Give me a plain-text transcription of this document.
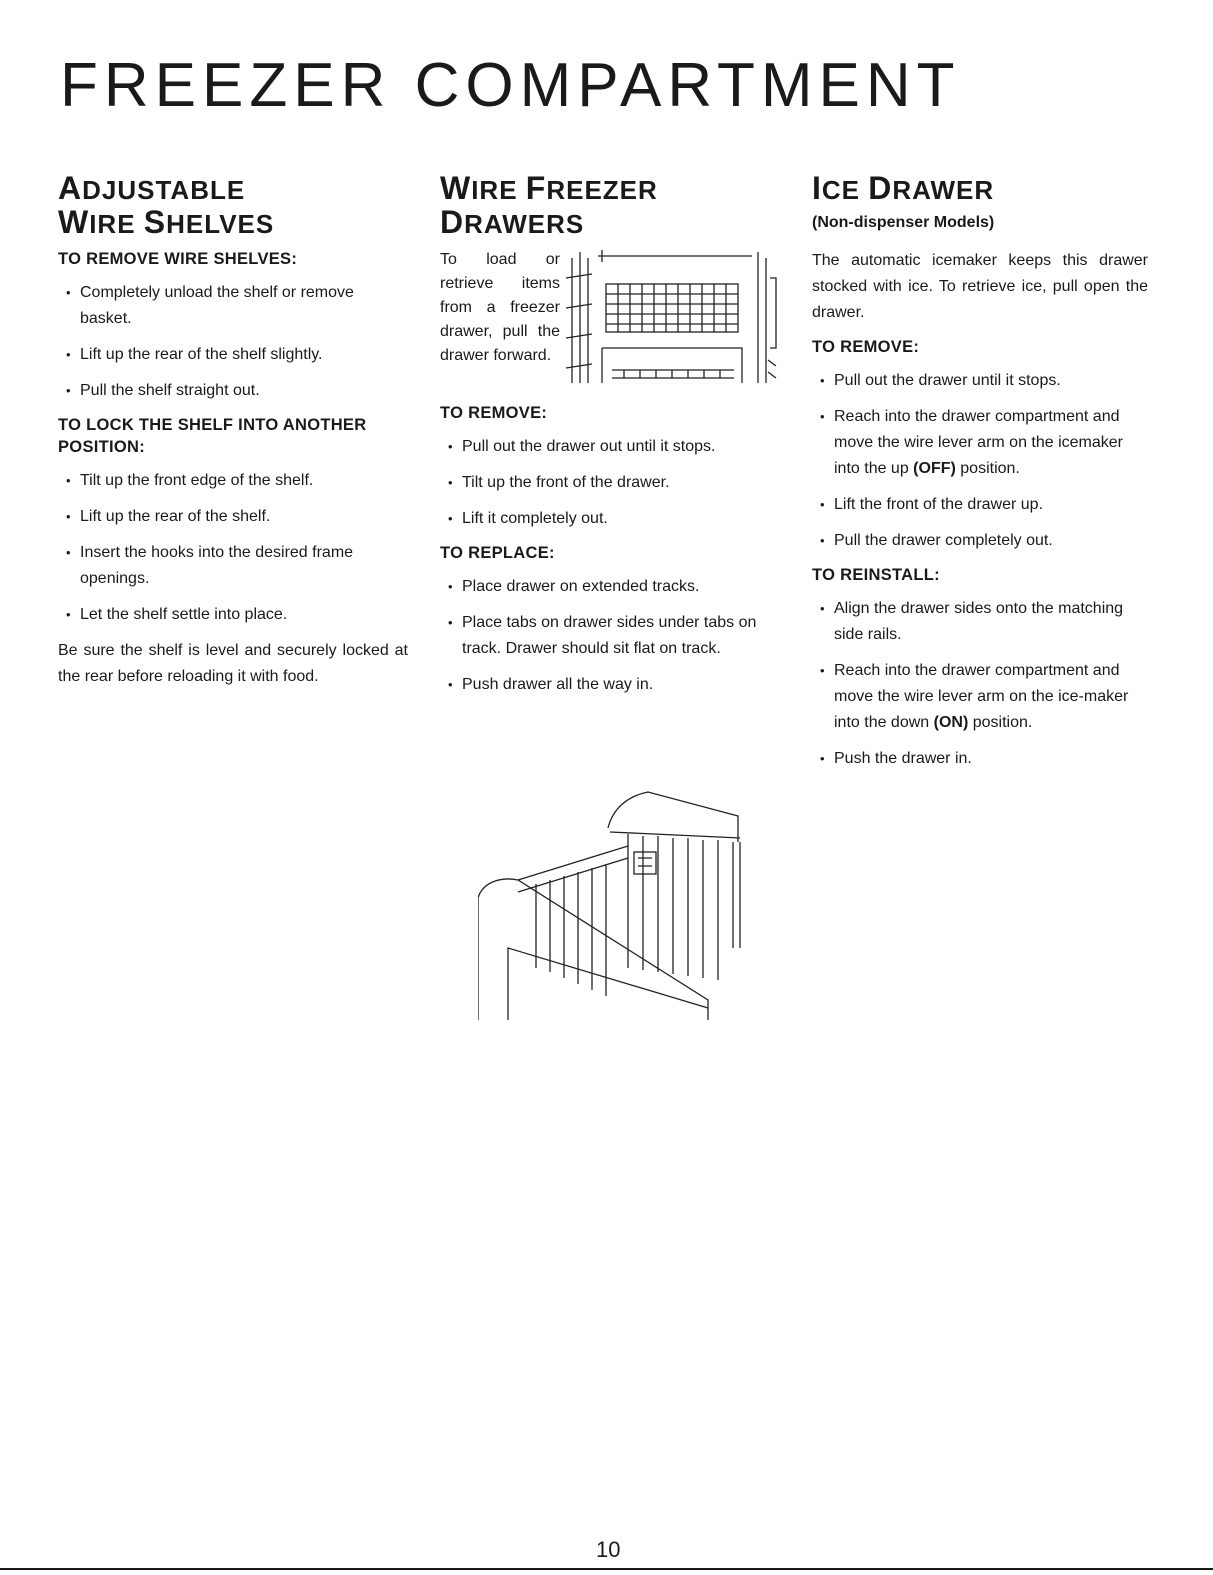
FREEZER COMPARTMENT
ADJUSTABLE
WIRE SHELVES
TO REMOVE WIRE SHELVES:
• Completely unload the shelf or remove basket.
• Lift up the rear of the shelf slightly.
• Pull the shelf straight out.
TO LOCK THE SHELF INTO ANOTHER POSITION:
• Tilt up the front edge of the shelf.
• Lift up the rear of the shelf.
• Insert the hooks into the desired frame openings.
• Let the shelf settle into place.

Be sure the shelf is level and securely locked at the rear before reloading it with food.

WIRE FREEZER
DRAWERS
To load or retrieve items from a freezer drawer, pull the drawer forward.
TO REMOVE:
• Pull out the drawer out until it stops.
• Tilt up the front of the drawer.
• Lift it completely out.
TO REPLACE:
• Place drawer on extended tracks.
• Place tabs on drawer sides under tabs on track. Drawer should sit flat on track.
• Push drawer all the way in.
ICE DRAWER
(Non-dispenser Models)

The automatic icemaker keeps this drawer stocked with ice. To retrieve ice, pull open the drawer.

TO REMOVE:
• Pull out the drawer until it stops.
• Reach into the drawer compartment and move the wire lever arm on the icemaker into the up (OFF) position.
• Lift the front of the drawer up.
• Pull the drawer completely out.
TO REINSTALL:
• Align the drawer sides onto the matching side rails.
• Reach into the drawer compartment and move the wire lever arm on the ice-maker into the down (ON) position.
• Push the drawer in.
10
